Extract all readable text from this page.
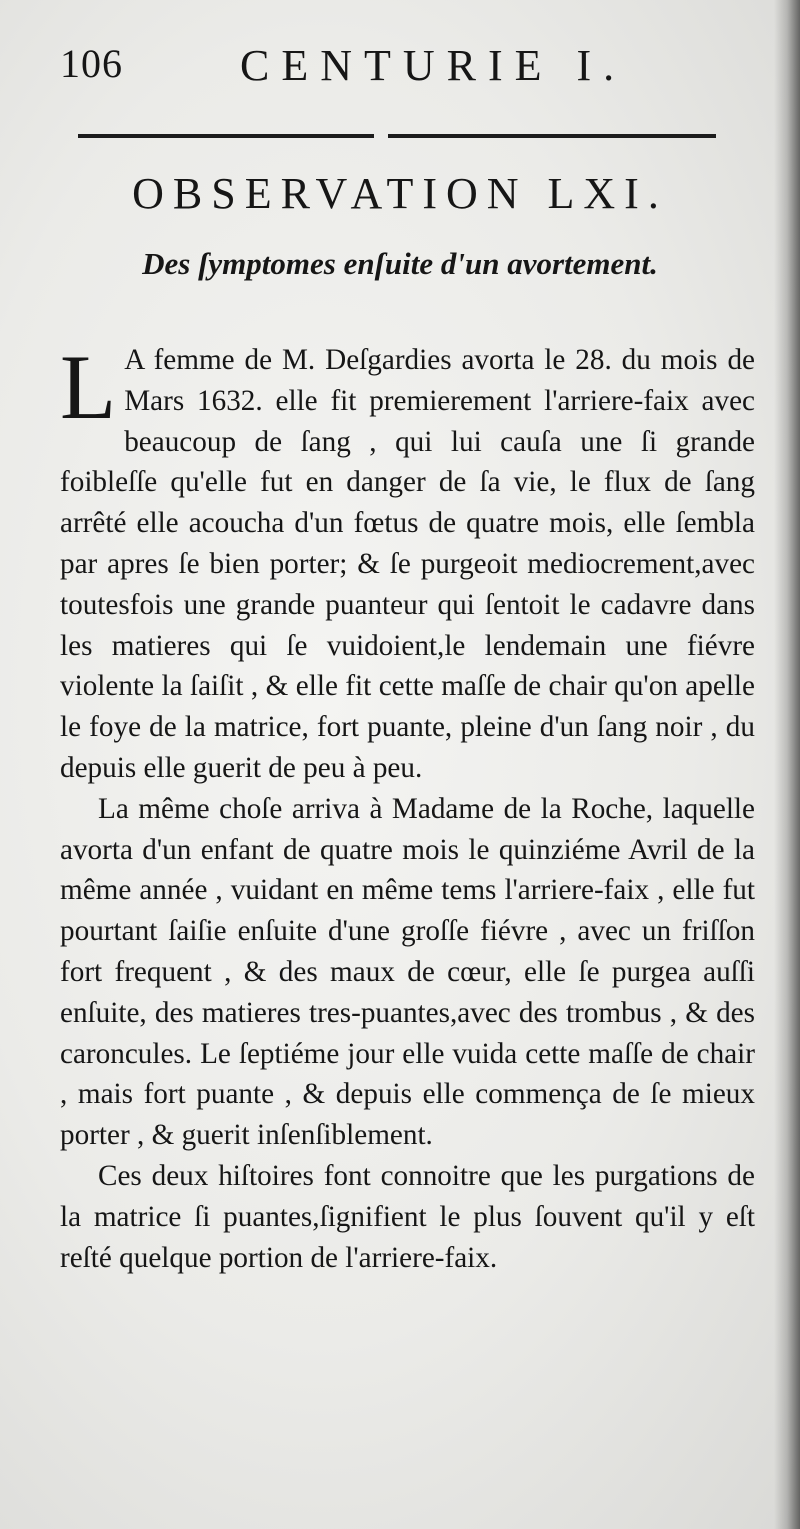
106	CENTURIE I.
OBSERVATION LXI.
Des ſymptomes enſuite d'un avortement.

L A femme de M. Deſgardies avorta le 28. du mois de Mars 1632. elle fit premierement l'arriere-faix avec beaucoup de ſang , qui lui cauſa une ſi grande foibleſſe qu'elle fut en danger de ſa vie, le flux de ſang arrêté elle acoucha d'un fœtus de quatre mois, elle ſembla par apres ſe bien porter; & ſe purgeoit mediocrement,avec toutesfois une grande puanteur qui ſentoit le cadavre dans les matieres qui ſe vuidoient,le lendemain une fiévre violente la ſaiſit , & elle fit cette maſſe de chair qu'on apelle le foye de la matrice, fort puante, pleine d'un ſang noir , du depuis elle guerit de peu à peu.

La même choſe arriva à Madame de la Roche, laquelle avorta d'un enfant de quatre mois le quinziéme Avril de la même année , vuidant en même tems l'arriere-faix , elle fut pourtant ſaiſie enſuite d'une groſſe fiévre , avec un friſſon fort frequent , & des maux de cœur, elle ſe purgea auſſi enſuite, des matieres tres-puantes,avec des trombus , & des caroncules. Le ſeptiéme jour elle vuida cette maſſe de chair , mais fort puante , & depuis elle commença de ſe mieux porter , & guerit inſenſiblement.

Ces deux hiſtoires font connoitre que les purgations de la matrice ſi puantes,ſignifient le plus ſouvent qu'il y eſt reſté quelque portion de l'arriere-faix.
